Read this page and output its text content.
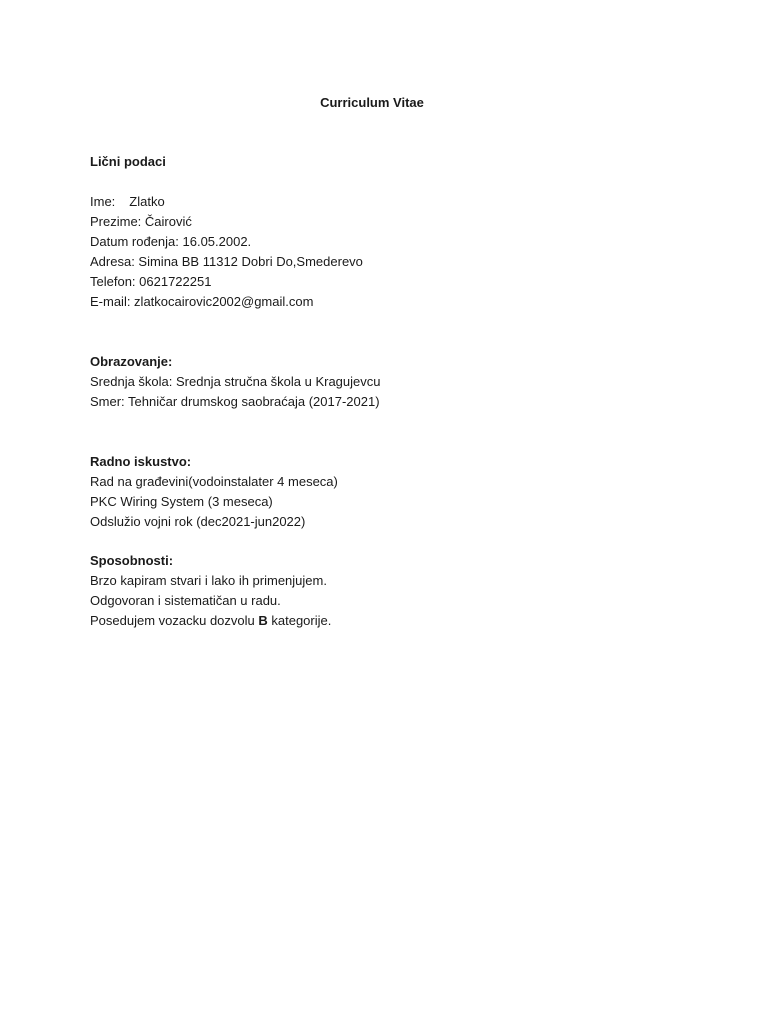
Curriculum Vitae
Lični podaci
Ime: Zlatko
Prezime: Čairović
Datum rođenja: 16.05.2002.
Adresa: Simina BB 11312 Dobri Do,Smederevo
Telefon: 0621722251
E-mail: zlatkocairovic2002@gmail.com
Obrazovanje:
Srednja škola: Srednja stručna škola u Kragujevcu
Smer: Tehničar drumskog saobraćaja (2017-2021)
Radno iskustvo:
Rad na građevini(vodoinstalater 4 meseca)
PKC Wiring System (3 meseca)
Odslužio vojni rok (dec2021-jun2022)
Sposobnosti:
Brzo kapiram stvari i lako ih primenjujem.
Odgovoran i sistematičan u radu.
Posedujem vozacku dozvolu B kategorije.
